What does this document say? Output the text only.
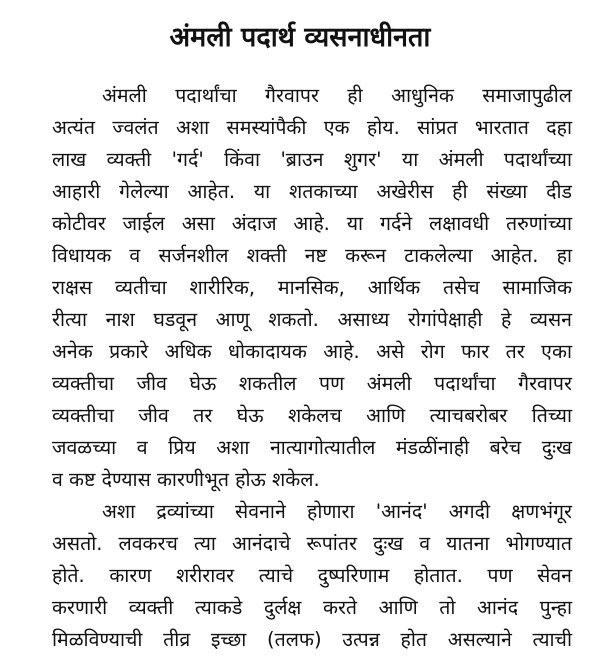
अंमली पदार्थ व्यसनाधीनता

अंमली पदार्थांचा गैरवापर ही आधुनिक समाजापुढील

अत्यंत ज्वलंत अशा समस्यांपैकी एक होय. सांप्रत भारतात दहा

लाख व्यक्ती 'गर्द' किंवा 'ब्राउन शुगर' या अंमली पदार्थांच्या

आहारी गेलेल्या आहेत. या शतकाच्या अखेरीस ही संख्या दीड

कोटीवर जाईल असा अंदाज आहे. या गर्दने लक्षावधी तरुणांच्या

विधायक व सर्जनशील शक्ती नष्ट करून टाकलेल्या आहेत. हा

राक्षस व्यतीचा शारीरिक, मानसिक, आर्थिक तसेच सामाजिक

रीत्या नाश घडवून आणू शकतो. असाध्य रोगांपेक्षाही हे व्यसन

अनेक प्रकारे अधिक धोकादायक आहे. असे रोग फार तर एका

व्यक्तीचा जीव घेऊ शकतील पण अंमली पदार्थांचा गैरवापर

व्यक्तीचा जीव तर घेऊ शकेलच आणि त्याचबरोबर तिच्या

जवळच्या व प्रिय अशा नात्यागोत्यातील मंडळींनाही बरेच दुःख

व कष्ट देण्यास कारणीभूत होऊ शकेल.

अशा द्रव्यांच्या सेवनाने होणारा 'आनंद' अगदी क्षणभंगूर

असतो. लवकरच त्या आनंदाचे रूपांतर दुःख व यातना भोगण्यात

होते. कारण शरीरावर त्याचे दुष्परिणाम होतात. पण सेवन

करणारी व्यक्ती त्याकडे दुर्लक्ष करते आणि तो आनंद पुन्हा

मिळविण्याची तीव्र इच्छा (तलफ) उत्पन्न होत असल्याने त्याची
